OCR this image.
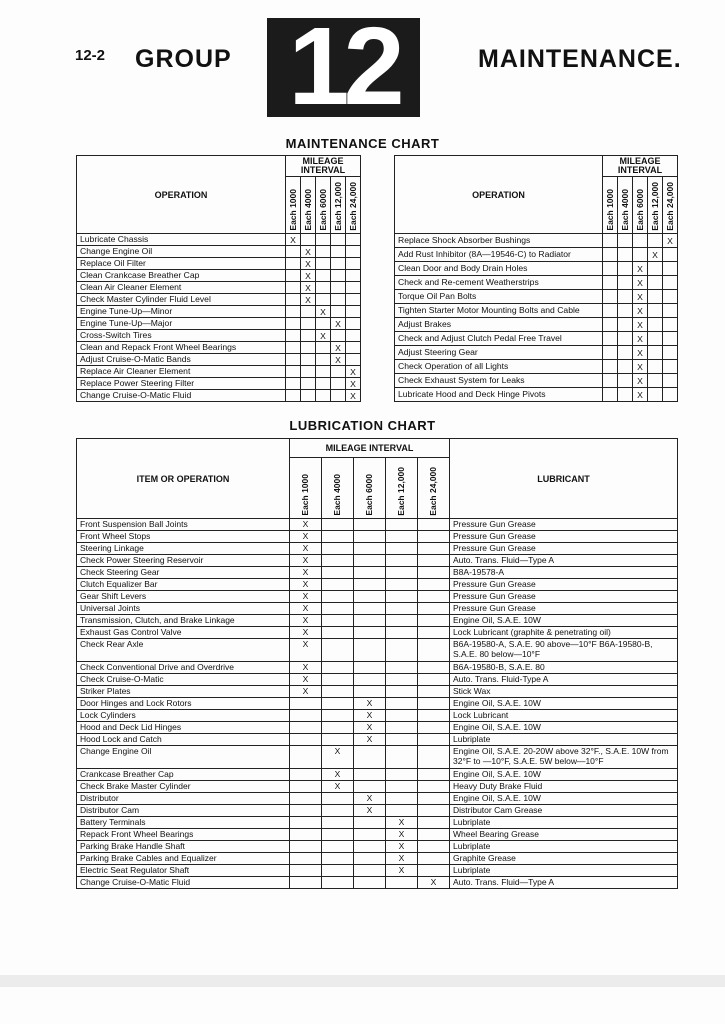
12-2 GROUP 12	MAINTENANCE.
MAINTENANCE CHART
OPERATION	MILEAGE INTERVAL				

	Each 1000	Each 4000	Each 6000	Each 12,000	Each 24,000

Lubricate Chassis	X				
Change Engine Oil		X			
Replace Oil Filter		X			
Clean Crankcase Breather Cap		X			
Clean Air Cleaner Element		X			
Check Master Cylinder Fluid Level		X			
Engine Tune-Up—Minor			X		
Engine Tune-Up—Major				X	
Cross-Switch Tires			X		
Clean and Repack Front Wheel Bearings				X	
Adjust Cruise-O-Matic Bands				X	
Replace Air Cleaner Element					X
Replace Power Steering Filter					X
Change Cruise-O-Matic Fluid					X
OPERATION	MILEAGE INTERVAL				

	Each 1000	Each 4000	Each 6000	Each 12,000	Each 24,000

Replace Shock Absorber Bushings					X
Add Rust Inhibitor (8A—19546-C) to Radiator				X	
Clean Door and Body Drain Holes			X		
Check and Re-cement Weatherstrips			X		
Torque Oil Pan Bolts			X		
Tighten Starter Motor Mounting Bolts and Cable			X		
Adjust Brakes			X		
Check and Adjust Clutch Pedal Free Travel			X		
Adjust Steering Gear			X		
Check Operation of all Lights			X		
Check Exhaust System for Leaks			X		
Lubricate Hood and Deck Hinge Pivots			X		
LUBRICATION CHART
ITEM OR OPERATION	MILEAGE INTERVAL					LUBRICANT

	Each 1000	Each 4000	Each 6000	Each 12,000	Each 24,000	

Front Suspension Ball Joints	X					Pressure Gun Grease
Front Wheel Stops	X					Pressure Gun Grease
Steering Linkage	X					Pressure Gun Grease
Check Power Steering Reservoir	X					Auto. Trans. Fluid—Type A
Check Steering Gear	X					B8A-19578-A
Clutch Equalizer Bar	X					Pressure Gun Grease
Gear Shift Levers	X					Pressure Gun Grease
Universal Joints	X					Pressure Gun Grease
Transmission, Clutch, and Brake Linkage	X					Engine Oil, S.A.E. 10W
Exhaust Gas Control Valve	X					Lock Lubricant (graphite & penetrating oil)
Check Rear Axle	X					B6A-19580-A, S.A.E. 90 above—10°F B6A-19580-B, S.A.E. 80 below—10°F
Check Conventional Drive and Overdrive	X					B6A-19580-B, S.A.E. 80
Check Cruise-O-Matic	X					Auto. Trans. Fluid-Type A
Striker Plates	X					Stick Wax
Door Hinges and Lock Rotors			X			Engine Oil, S.A.E. 10W
Lock Cylinders			X			Lock Lubricant
Hood and Deck Lid Hinges			X			Engine Oil, S.A.E. 10W
Hood Lock and Catch			X			Lubriplate
Change Engine Oil		X				Engine Oil, S.A.E. 20-20W above 32°F., S.A.E. 10W from 32°F to —10°F, S.A.E. 5W below—10°F
Crankcase Breather Cap		X				Engine Oil, S.A.E. 10W
Check Brake Master Cylinder		X				Heavy Duty Brake Fluid
Distributor			X			Engine Oil, S.A.E. 10W
Distributor Cam			X			Distributor Cam Grease
Battery Terminals				X		Lubriplate
Repack Front Wheel Bearings				X		Wheel Bearing Grease
Parking Brake Handle Shaft				X		Lubriplate
Parking Brake Cables and Equalizer				X		Graphite Grease
Electric Seat Regulator Shaft				X		Lubriplate
Change Cruise-O-Matic Fluid					X	Auto. Trans. Fluid—Type A
